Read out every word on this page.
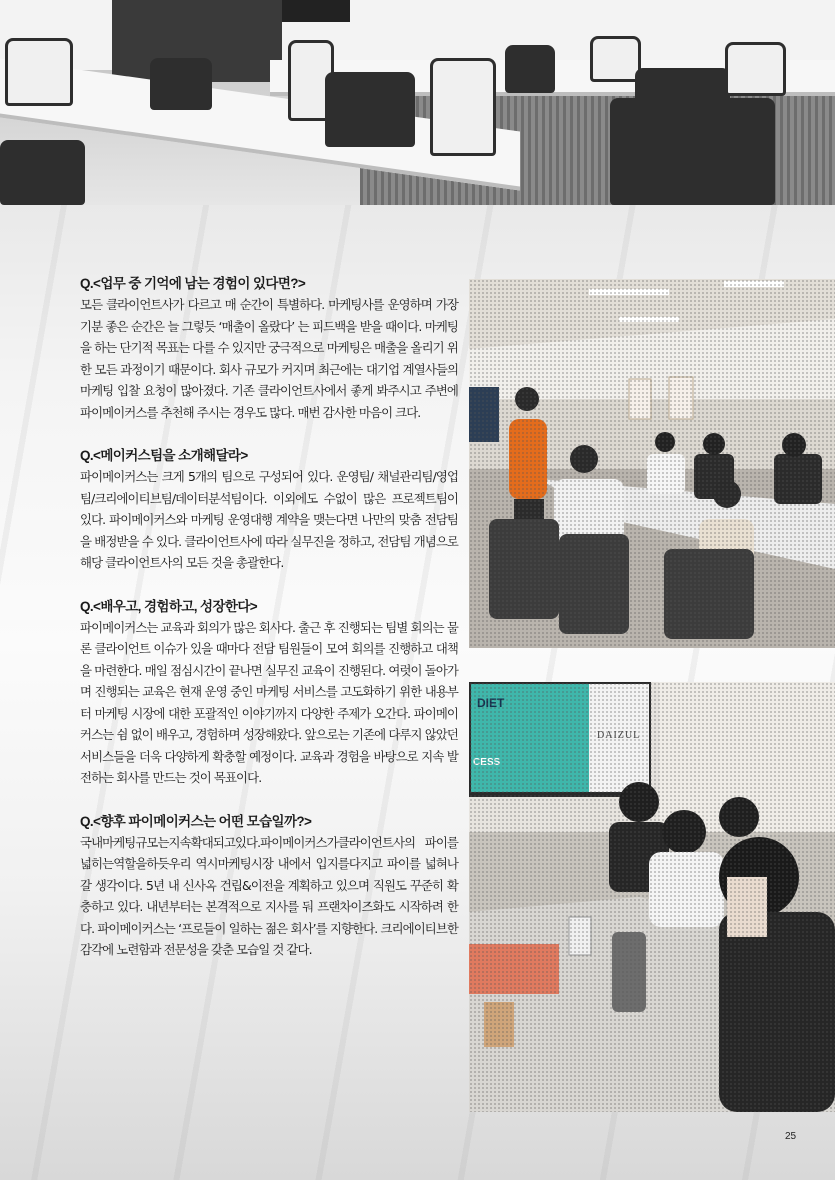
Q.<업무 중 기억에 남는 경험이 있다면?>

모든 클라이언트사가 다르고 매 순간이 특별하다. 마케팅사를 운영하며 가장 기분 좋은 순간은 늘 그렇듯 ‘매출이 올랐다’ 는 피드백을 받을 때이다. 마케팅을 하는 단기적 목표는 다를 수 있지만 궁극적으로 마케팅은 매출을 올리기 위한 모든 과정이기 때문이다. 회사 규모가 커지며 최근에는 대기업 계열사들의 마케팅 입찰 요청이 많아졌다. 기존 클라이언트사에서 좋게 봐주시고 주변에 파이메이커스를 추천해 주시는 경우도 많다. 매번 감사한 마음이 크다.

Q.<메이커스팀을 소개해달라>

파이메이커스는 크게 5개의 팀으로 구성되어 있다. 운영팀/ 채널관리팀/영업팀/크리에이티브팀/데이터분석팀이다. 이외에도 수없이 많은 프로젝트팀이 있다. 파이메이커스와 마케팅 운영대행 계약을 맺는다면 나만의 맞춤 전담팀을 배정받을 수 있다. 클라이언트사에 따라 실무진을 정하고, 전담팀 개념으로 해당 클라이언트사의 모든 것을 총괄한다.

Q.<배우고, 경험하고, 성장한다>

파이메이커스는 교육과 회의가 많은 회사다. 출근 후 진행되는 팀별 회의는 물론 클라이언트 이슈가 있을 때마다 전담 팀원들이 모여 회의를 진행하고 대책을 마련한다. 매일 점심시간이 끝나면 실무진 교육이 진행된다. 여럿이 돌아가며 진행되는 교육은 현재 운영 중인 마케팅 서비스를 고도화하기 위한 내용부터 마케팅 시장에 대한 포괄적인 이야기까지 다양한 주제가 오간다. 파이메이커스는 쉼 없이 배우고, 경험하며 성장해왔다. 앞으로는 기존에 다루지 않았던 서비스들을 더욱 다양하게 확충할 예정이다. 교육과 경험을 바탕으로 지속 발전하는 회사를 만드는 것이 목표이다.

Q.<향후 파이메이커스는 어떤 모습일까?>

국내마케팅규모는지속확대되고있다.파이메이커스가클라이언트사의 파이를넓히는역할을하듯우리 역시마케팅시장 내에서 입지를다지고 파이를 넓혀나갈 생각이다. 5년 내 신사옥 건립&이전을 계획하고 있으며 직원도 꾸준히 확충하고 있다. 내년부터는 본격적으로 지사를 둬 프랜차이즈화도 시작하려 한다. 파이메이커스는 ‘프로들이 일하는 젊은 회사’를 지향한다. 크리에이티브한 감각에 노련함과 전문성을 갖춘 모습일 것 같다.

DIET
CESS
DAIZUL
25
